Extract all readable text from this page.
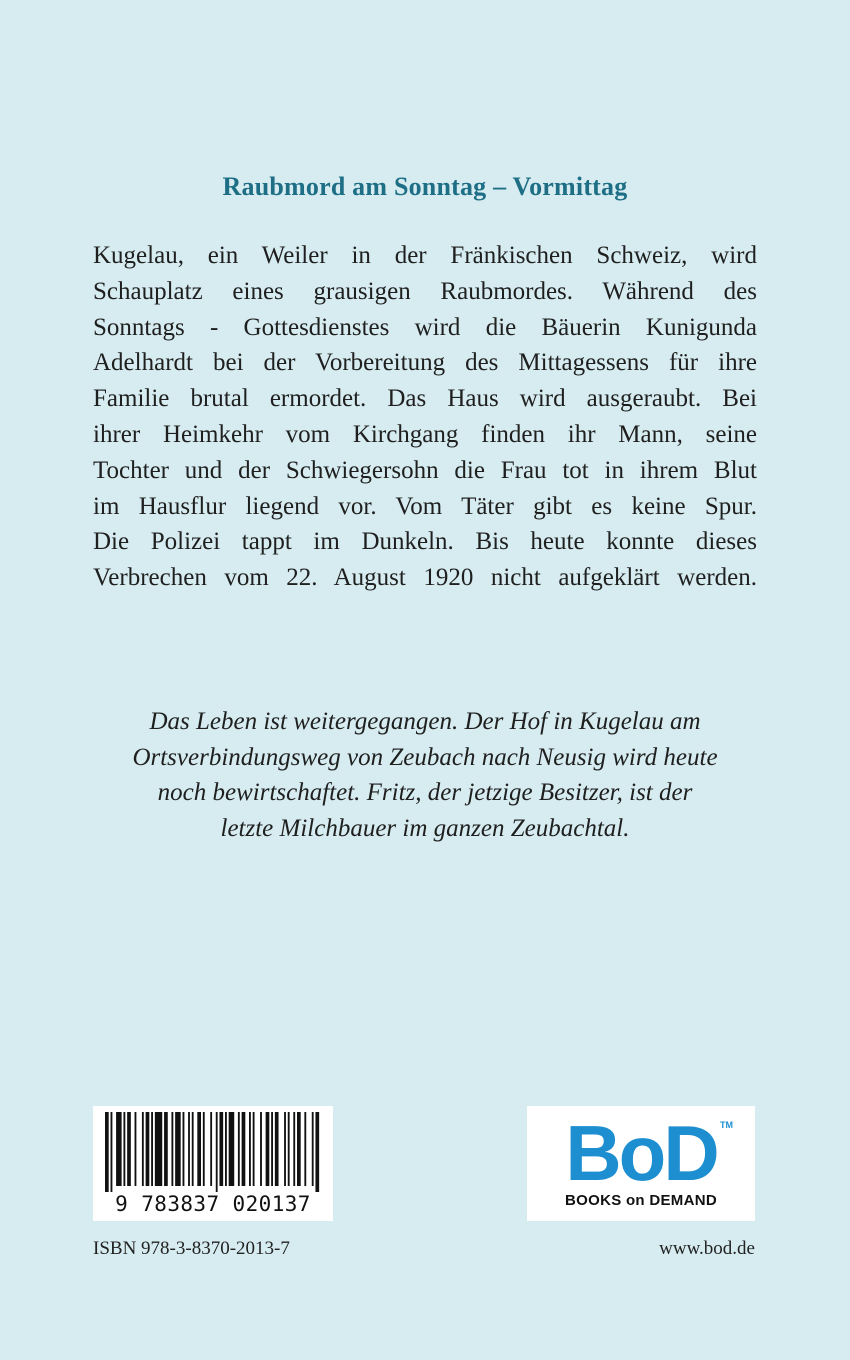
Raubmord am Sonntag – Vormittag
Kugelau, ein Weiler in der Fränkischen Schweiz, wird
Schauplatz eines grausigen Raubmordes. Während des
Sonntags - Gottesdienstes wird die Bäuerin Kunigunda
Adelhardt bei der Vorbereitung des Mittagessens für ihre
Familie brutal ermordet. Das Haus wird ausgeraubt. Bei
ihrer Heimkehr vom Kirchgang finden ihr Mann, seine
Tochter und der Schwiegersohn die Frau tot in ihrem Blut
im Hausflur liegend vor. Vom Täter gibt es keine Spur.
Die Polizei tappt im Dunkeln. Bis heute konnte dieses
Verbrechen vom 22. August 1920 nicht aufgeklärt werden.
Das Leben ist weitergegangen. Der Hof in Kugelau am
Ortsverbindungsweg von Zeubach nach Neusig wird heute
noch bewirtschaftet. Fritz, der jetzige Besitzer, ist der
letzte Milchbauer im ganzen Zeubachtal.
9 783837 020137
BoD TM
BOOKS on DEMAND
ISBN 978-3-8370-2013-7	www.bod.de
